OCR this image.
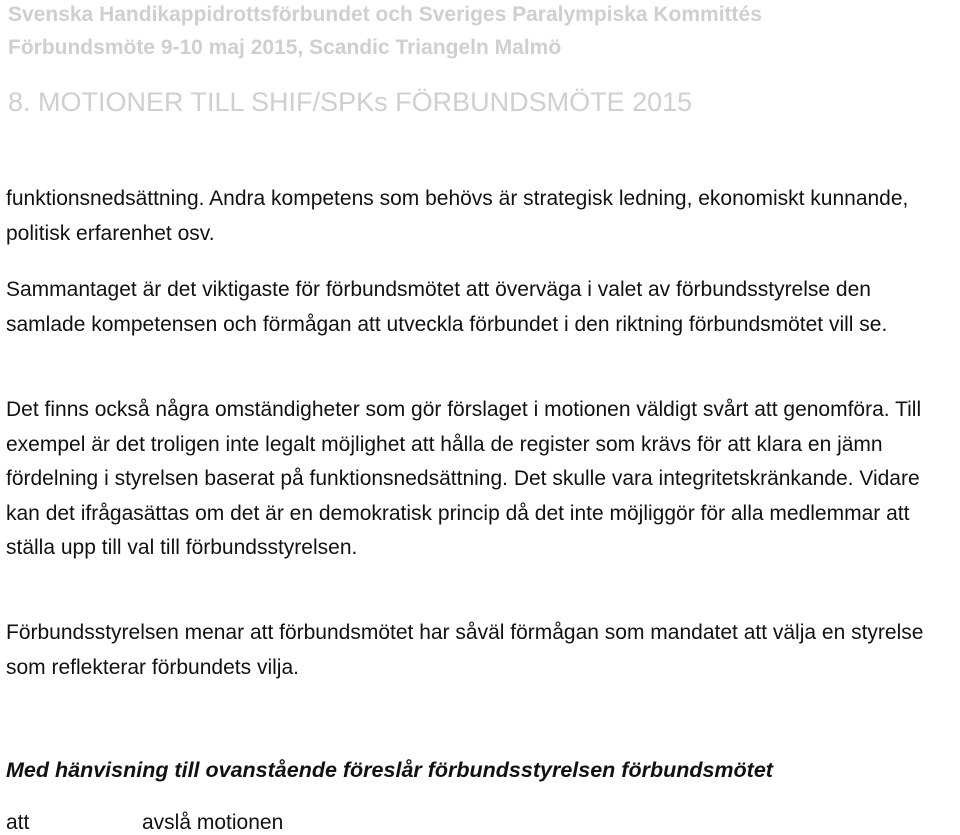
Svenska Handikappidrottsförbundet och Sveriges Paralympiska Kommittés
Förbundsmöte 9-10 maj 2015, Scandic Triangeln Malmö
8. MOTIONER TILL SHIF/SPKs FÖRBUNDSMÖTE 2015

funktionsnedsättning. Andra kompetens som behövs är strategisk ledning, ekonomiskt kunnande, politisk erfarenhet osv.

Sammantaget är det viktigaste för förbundsmötet att överväga i valet av förbundsstyrelse den samlade kompetensen och förmågan att utveckla förbundet i den riktning förbundsmötet vill se.

Det finns också några omständigheter som gör förslaget i motionen väldigt svårt att genomföra. Till exempel är det troligen inte legalt möjlighet att hålla de register som krävs för att klara en jämn fördelning i styrelsen baserat på funktionsnedsättning. Det skulle vara integritetskränkande. Vidare kan det ifrågasättas om det är en demokratisk princip då det inte möjliggör för alla medlemmar att ställa upp till val till förbundsstyrelsen.

Förbundsstyrelsen menar att förbundsmötet har såväl förmågan som mandatet att välja en styrelse som reflekterar förbundets vilja.

Med hänvisning till ovanstående föreslår förbundsstyrelsen förbundsmötet
att	avslå motionen
